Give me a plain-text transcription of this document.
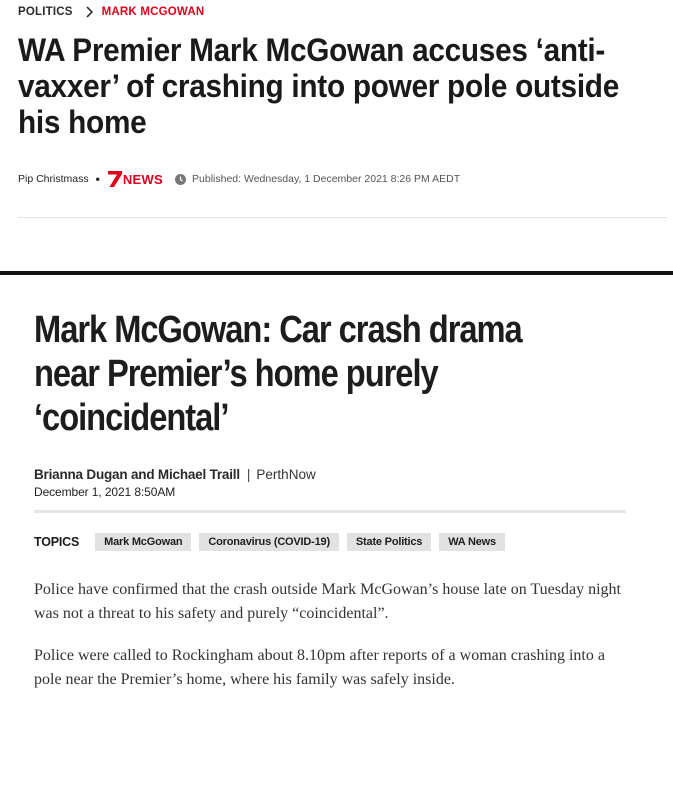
POLITICS	MARK MCGOWAN
WA Premier Mark McGowan accuses ‘anti-vaxxer’ of crashing into power pole outside his home
Pip Christmass • NEWS	Published: Wednesday, 1 December 2021 8:26 PM AEDT
Mark McGowan: Car crash drama near Premier’s home purely ‘coincidental’
Brianna Dugan and Michael Traill | PerthNow
December 1, 2021 8:50AM
TOPICS	Mark McGowan	Coronavirus (COVID-19)	State Politics	WA News

Police have confirmed that the crash outside Mark McGowan’s house late on Tuesday night was not a threat to his safety and purely “coincidental”.

Police were called to Rockingham about 8.10pm after reports of a woman crashing into a pole near the Premier’s home, where his family was safely inside.
